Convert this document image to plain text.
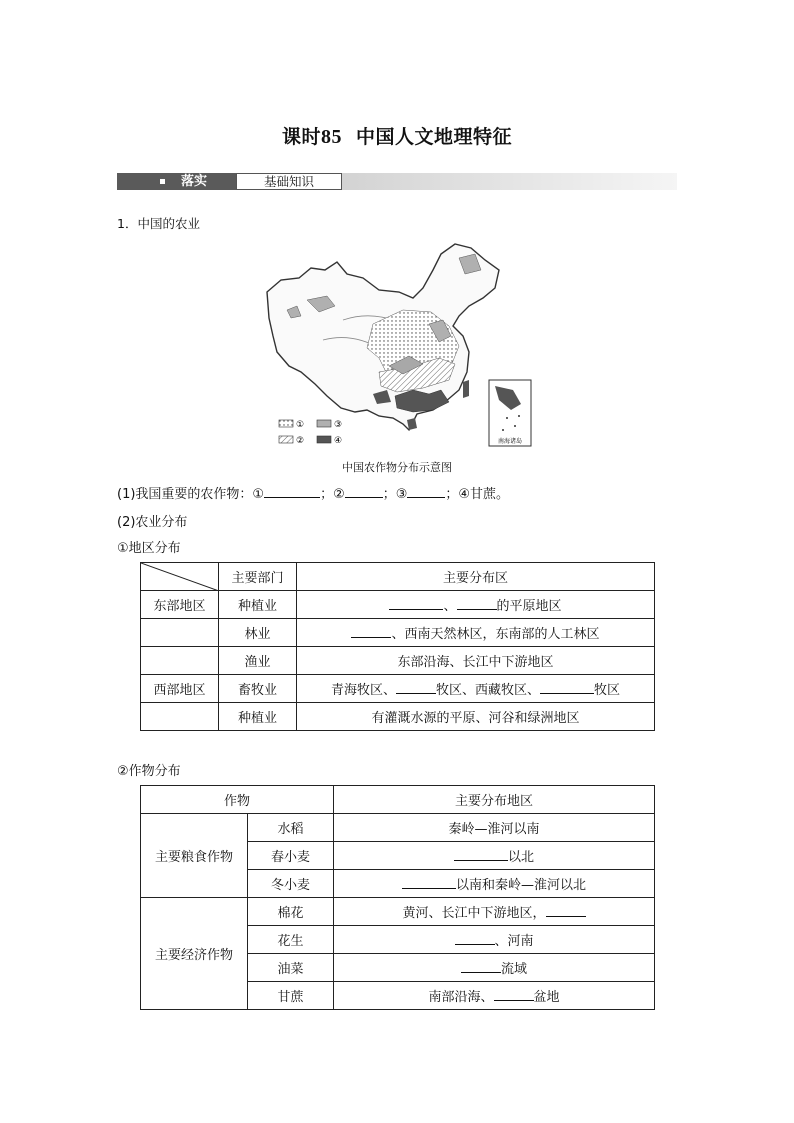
课时85 中国人文地理特征
落实	基础知识
1．中国的农业
南海诸岛
①	③
②	④
中国农作物分布示意图
(1)我国重要的农作物：①	；②	；③	；④甘蔗。
(2)农业分布
①地区分布
	主要部门	主要分布区
东部地区	种植业	、 的平原地区
	林业	、西南天然林区，东南部的人工林区
	渔业	东部沿海、长江中下游地区
西部地区	畜牧业	青海牧区、 牧区、西藏牧区、 牧区
	种植业	有灌溉水源的平原、河谷和绿洲地区
②作物分布
作物		主要分布地区
主要粮食作物	水稻	秦岭—淮河以南
	春小麦	以北
	冬小麦	以南和秦岭—淮河以北
主要经济作物	棉花	黄河、长江中下游地区，
	花生	、河南
	油菜	流域
	甘蔗	南部沿海、 盆地
